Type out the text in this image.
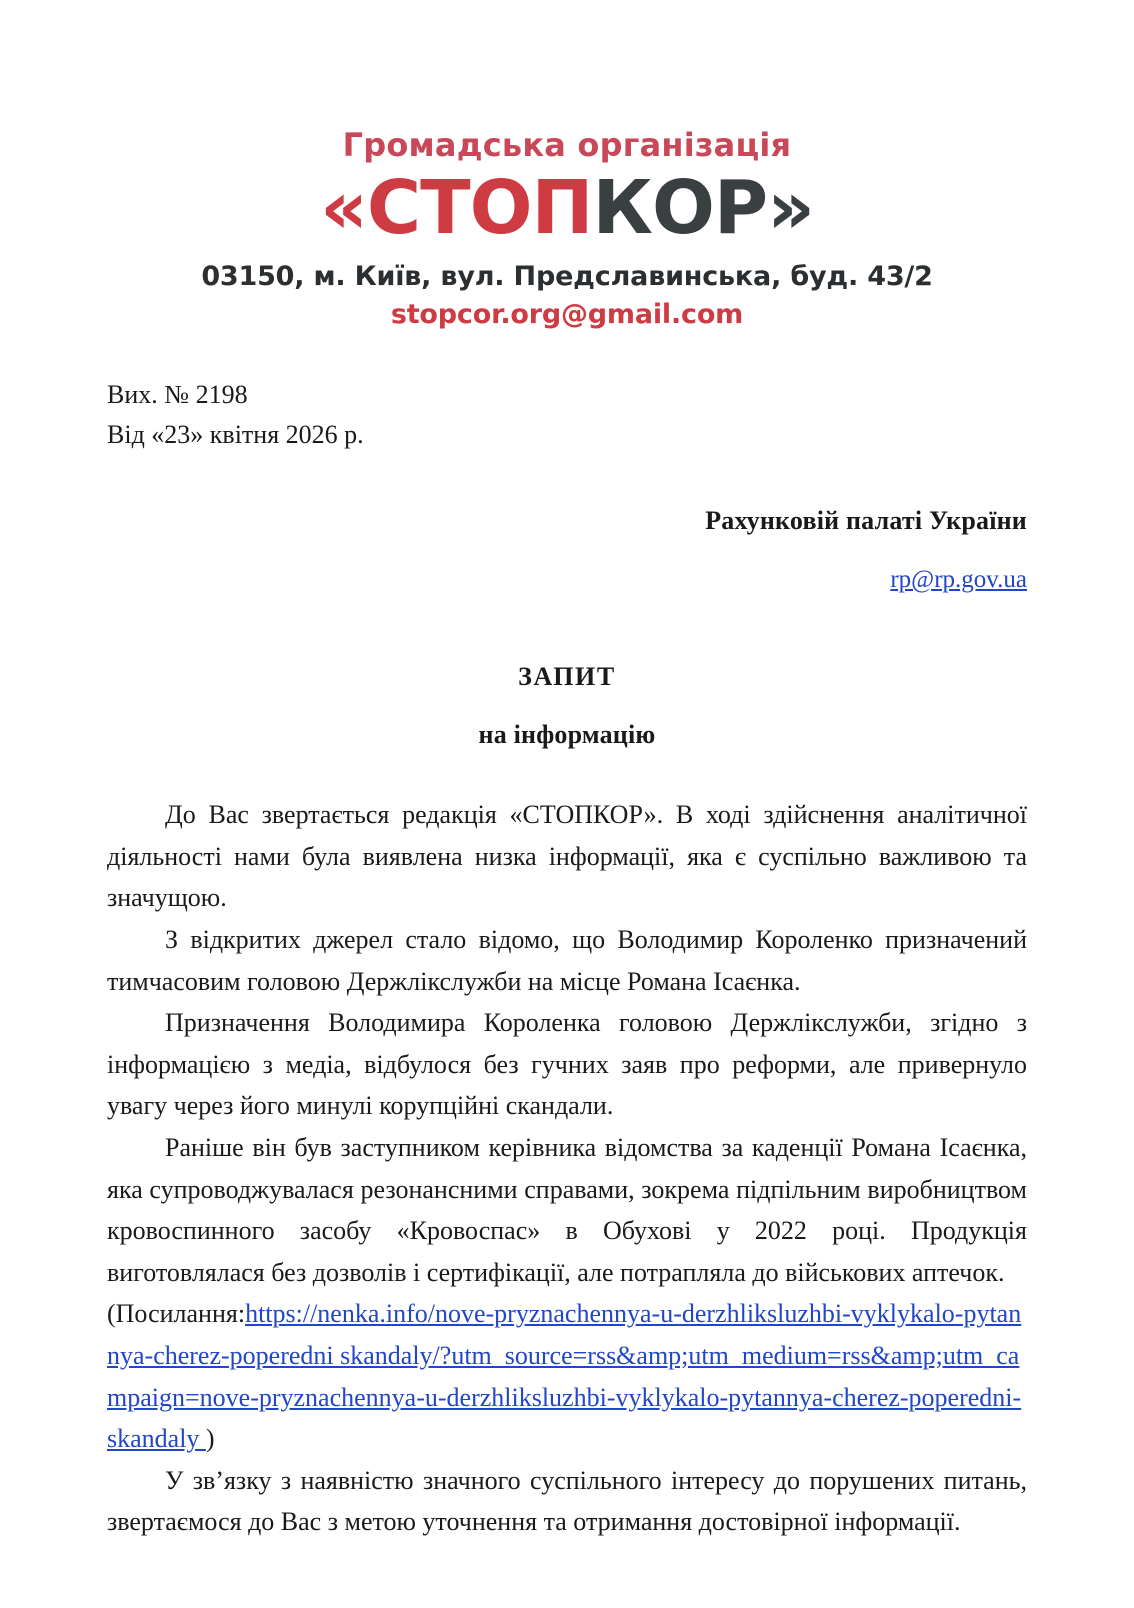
Громадська організація
«СТОПКОР»
03150, м. Київ, вул. Предславинська, буд. 43/2
stopcor.org@gmail.com
Вих. № 2198
Від «23» квітня 2026 р.
Рахунковій палаті України
rp@rp.gov.ua
ЗАПИТ
на інформацію

До Вас звертається редакція «СТОПКОР». В ході здійснення аналітичної діяльності нами була виявлена низка інформації, яка є суспільно важливою та значущою.

З відкритих джерел стало відомо, що Володимир Короленко призначений тимчасовим головою Держлікслужби на місце Романа Ісаєнка.

Призначення Володимира Короленка головою Держлікслужби, згідно з інформацією з медіа, відбулося без гучних заяв про реформи, але привернуло увагу через його минулі корупційні скандали.

Раніше він був заступником керівника відомства за каденції Романа Ісаєнка, яка супроводжувалася резонансними справами, зокрема підпільним виробництвом кровоспинного засобу «Кровоспас» в Обухові у 2022 році. Продукція виготовлялася без дозволів і сертифікації, але потрапляла до військових аптечок.

(Посилання:https://nenka.info/nove-pryznachennya-u-derzhliksluzhbi-vyklykalo-pytannya-cherez-poperedni skandaly/?utm_source=rss&amp;utm_medium=rss&amp;utm_campaign=nove-pryznachennya-u-derzhliksluzhbi-vyklykalo-pytannya-cherez-poperedni-skandaly )

У зв’язку з наявністю значного суспільного інтересу до порушених питань, звертаємося до Вас з метою уточнення та отримання достовірної інформації.
